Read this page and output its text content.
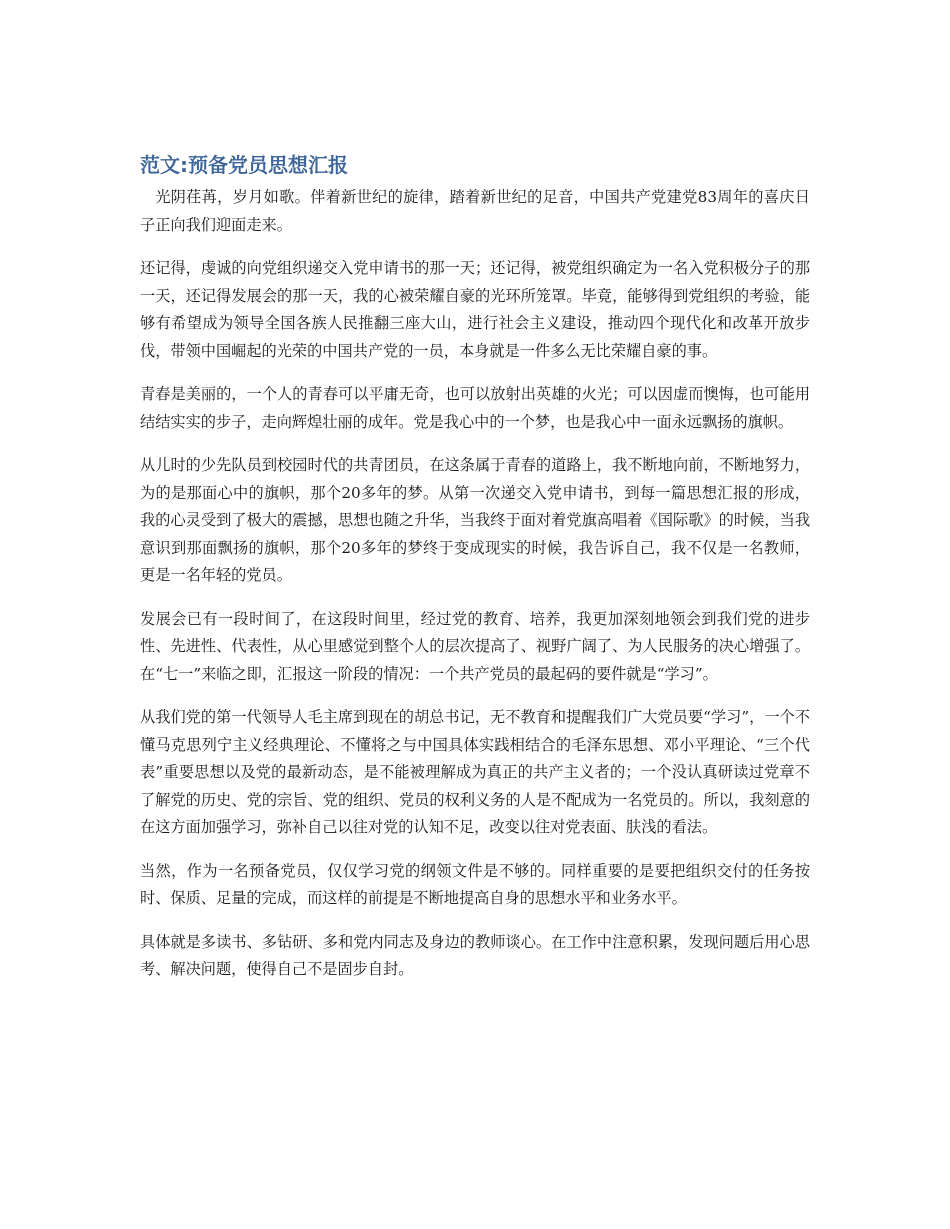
范文:预备党员思想汇报

光阴荏苒，岁月如歌。伴着新世纪的旋律，踏着新世纪的足音，中国共产党建党83周年的喜庆日子正向我们迎面走来。

还记得，虔诚的向党组织递交入党申请书的那一天；还记得，被党组织确定为一名入党积极分子的那一天，还记得发展会的那一天，我的心被荣耀自豪的光环所笼罩。毕竟，能够得到党组织的考验，能够有希望成为领导全国各族人民推翻三座大山，进行社会主义建设，推动四个现代化和改革开放步伐，带领中国崛起的光荣的中国共产党的一员，本身就是一件多么无比荣耀自豪的事。

青春是美丽的，一个人的青春可以平庸无奇，也可以放射出英雄的火光；可以因虚而懊悔，也可能用结结实实的步子，走向辉煌壮丽的成年。党是我心中的一个梦，也是我心中一面永远飘扬的旗帜。

从儿时的少先队员到校园时代的共青团员，在这条属于青春的道路上，我不断地向前，不断地努力，为的是那面心中的旗帜，那个20多年的梦。从第一次递交入党申请书，到每一篇思想汇报的形成，我的心灵受到了极大的震撼，思想也随之升华，当我终于面对着党旗高唱着《国际歌》的时候，当我意识到那面飘扬的旗帜，那个20多年的梦终于变成现实的时候，我告诉自己，我不仅是一名教师，更是一名年轻的党员。

发展会已有一段时间了，在这段时间里，经过党的教育、培养，我更加深刻地领会到我们党的进步性、先进性、代表性，从心里感觉到整个人的层次提高了、视野广阔了、为人民服务的决心增强了。在“七一”来临之即，汇报这一阶段的情况：一个共产党员的最起码的要件就是“学习”。

从我们党的第一代领导人毛主席到现在的胡总书记，无不教育和提醒我们广大党员要“学习”，一个不懂马克思列宁主义经典理论、不懂将之与中国具体实践相结合的毛泽东思想、邓小平理论、“三个代表”重要思想以及党的最新动态，是不能被理解成为真正的共产主义者的；一个没认真研读过党章不了解党的历史、党的宗旨、党的组织、党员的权利义务的人是不配成为一名党员的。所以，我刻意的在这方面加强学习，弥补自己以往对党的认知不足，改变以往对党表面、肤浅的看法。

当然，作为一名预备党员，仅仅学习党的纲领文件是不够的。同样重要的是要把组织交付的任务按时、保质、足量的完成，而这样的前提是不断地提高自身的思想水平和业务水平。

具体就是多读书、多钻研、多和党内同志及身边的教师谈心。在工作中注意积累，发现问题后用心思考、解决问题，使得自己不是固步自封。
